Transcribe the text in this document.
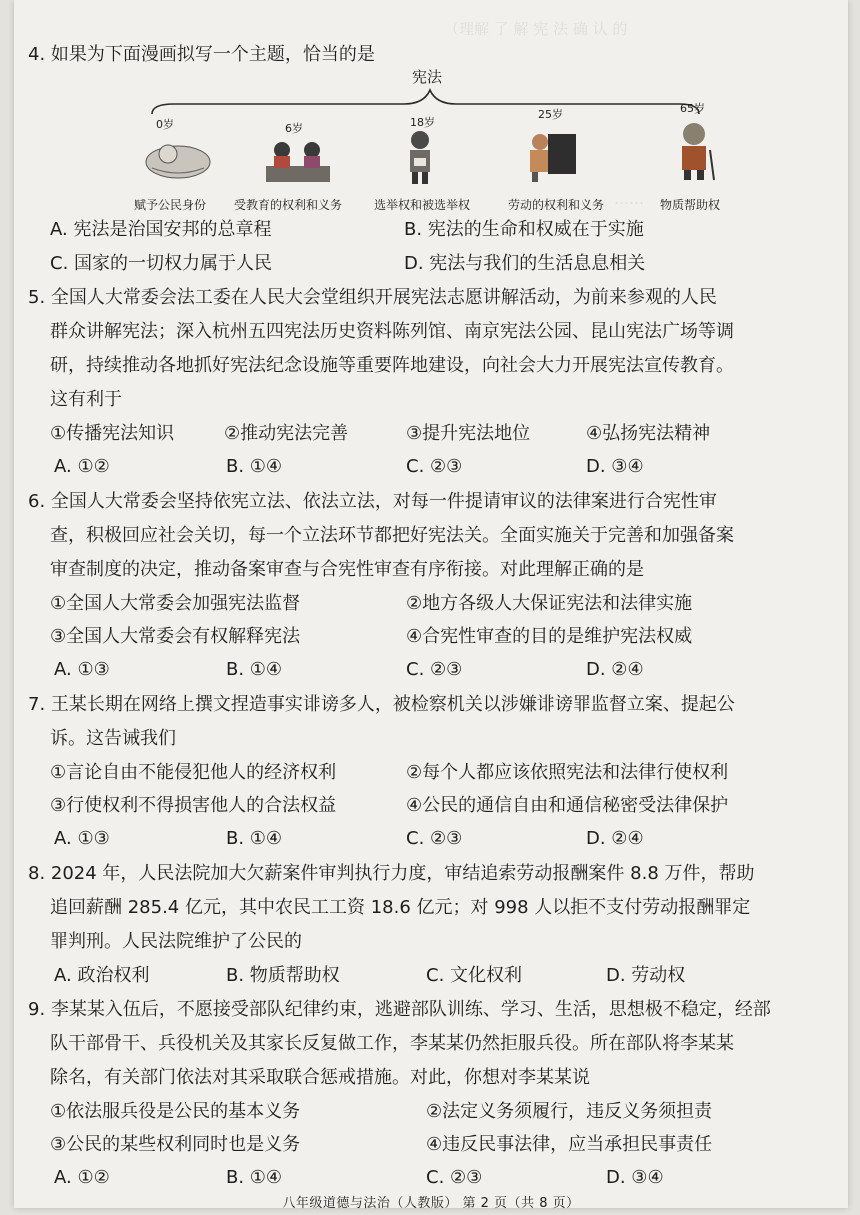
（理解 了 解 宪 法 确 认 的
……
4. 如果为下面漫画拟写一个主题，恰当的是
宪法
0岁	6岁	18岁
25岁	65岁
赋予公民身份 受教育的权利和义务	选举权和被选举权	劳动的权利和义务	物质帮助权
A. 宪法是治国安邦的总章程	B. 宪法的生命和权威在于实施
C. 国家的一切权力属于人民	D. 宪法与我们的生活息息相关
5. 全国人大常委会法工委在人民大会堂组织开展宪法志愿讲解活动，为前来参观的人民
群众讲解宪法；深入杭州五四宪法历史资料陈列馆、南京宪法公园、昆山宪法广场等调
研，持续推动各地抓好宪法纪念设施等重要阵地建设，向社会大力开展宪法宣传教育。
这有利于
①传播宪法知识	②推动宪法完善	③提升宪法地位	④弘扬宪法精神
A. ①②	B. ①④	C. ②③	D. ③④
6. 全国人大常委会坚持依宪立法、依法立法，对每一件提请审议的法律案进行合宪性审
查，积极回应社会关切，每一个立法环节都把好宪法关。全面实施关于完善和加强备案
审查制度的决定，推动备案审查与合宪性审查有序衔接。对此理解正确的是
①全国人大常委会加强宪法监督	②地方各级人大保证宪法和法律实施
③全国人大常委会有权解释宪法	④合宪性审查的目的是维护宪法权威
A. ①③	B. ①④	C. ②③	D. ②④
7. 王某长期在网络上撰文捏造事实诽谤多人，被检察机关以涉嫌诽谤罪监督立案、提起公
诉。这告诫我们
①言论自由不能侵犯他人的经济权利	②每个人都应该依照宪法和法律行使权利
③行使权利不得损害他人的合法权益	④公民的通信自由和通信秘密受法律保护
A. ①③	B. ①④	C. ②③	D. ②④
8. 2024 年，人民法院加大欠薪案件审判执行力度，审结追索劳动报酬案件 8.8 万件，帮助
追回薪酬 285.4 亿元，其中农民工工资 18.6 亿元；对 998 人以拒不支付劳动报酬罪定
罪判刑。人民法院维护了公民的
A. 政治权利	B. 物质帮助权	C. 文化权利	D. 劳动权
9. 李某某入伍后，不愿接受部队纪律约束，逃避部队训练、学习、生活，思想极不稳定，经部
队干部骨干、兵役机关及其家长反复做工作，李某某仍然拒服兵役。所在部队将李某某
除名，有关部门依法对其采取联合惩戒措施。对此，你想对李某某说
①依法服兵役是公民的基本义务	②法定义务须履行，违反义务须担责
③公民的某些权利同时也是义务	④违反民事法律，应当承担民事责任
A. ①②	B. ①④	C. ②③	D. ③④
八年级道德与法治（人教版） 第 2 页（共 8 页）
